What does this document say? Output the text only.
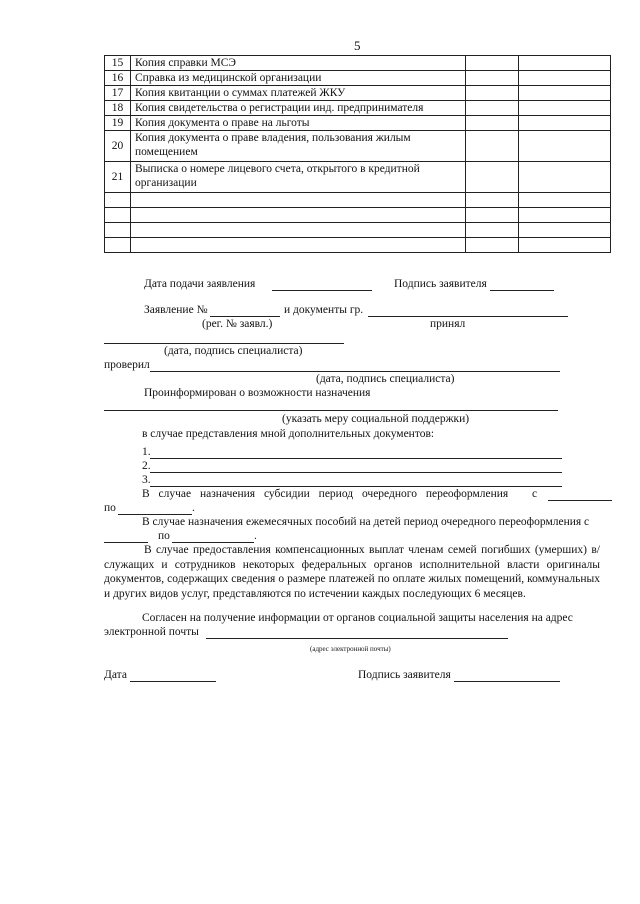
5
15	Копия справки МСЭ		
16	Справка из медицинской организации		
17	Копия квитанции о суммах платежей ЖКУ		
18	Копия свидетельства о регистрации инд. предпринимателя		
19	Копия документа о праве на льготы		
20	Копия документа о праве владения, пользования жилым помещением		
21	Выписка о номере лицевого счета, открытого в кредитной организации		

Дата подачи заявления	Подпись заявителя
Заявление №	и документы гр.
(рег. № заявл.)	принял
(дата, подпись специалиста)
проверил
(дата, подпись специалиста)
Проинформирован о возможности назначения
(указать меру социальной поддержки)
в случае представления мной дополнительных документов:
1.
2.
3.
В случае назначения субсидии период очередного переоформления с
по	.
В случае назначения ежемесячных пособий на детей период очередного переоформления с
по	.
В случае предоставления компенсационных выплат членам семей погибших (умерших) в/служащих и сотрудников некоторых федеральных органов исполнительной власти оригиналы документов, содержащих сведения о размере платежей по оплате жилых помещений, коммунальных и других видов услуг, представляются по истечении каждых последующих 6 месяцев.
Согласен на получение информации от органов социальной защиты населения на адрес
электронной почты
(адрес электронной почты)
Дата	Подпись заявителя
